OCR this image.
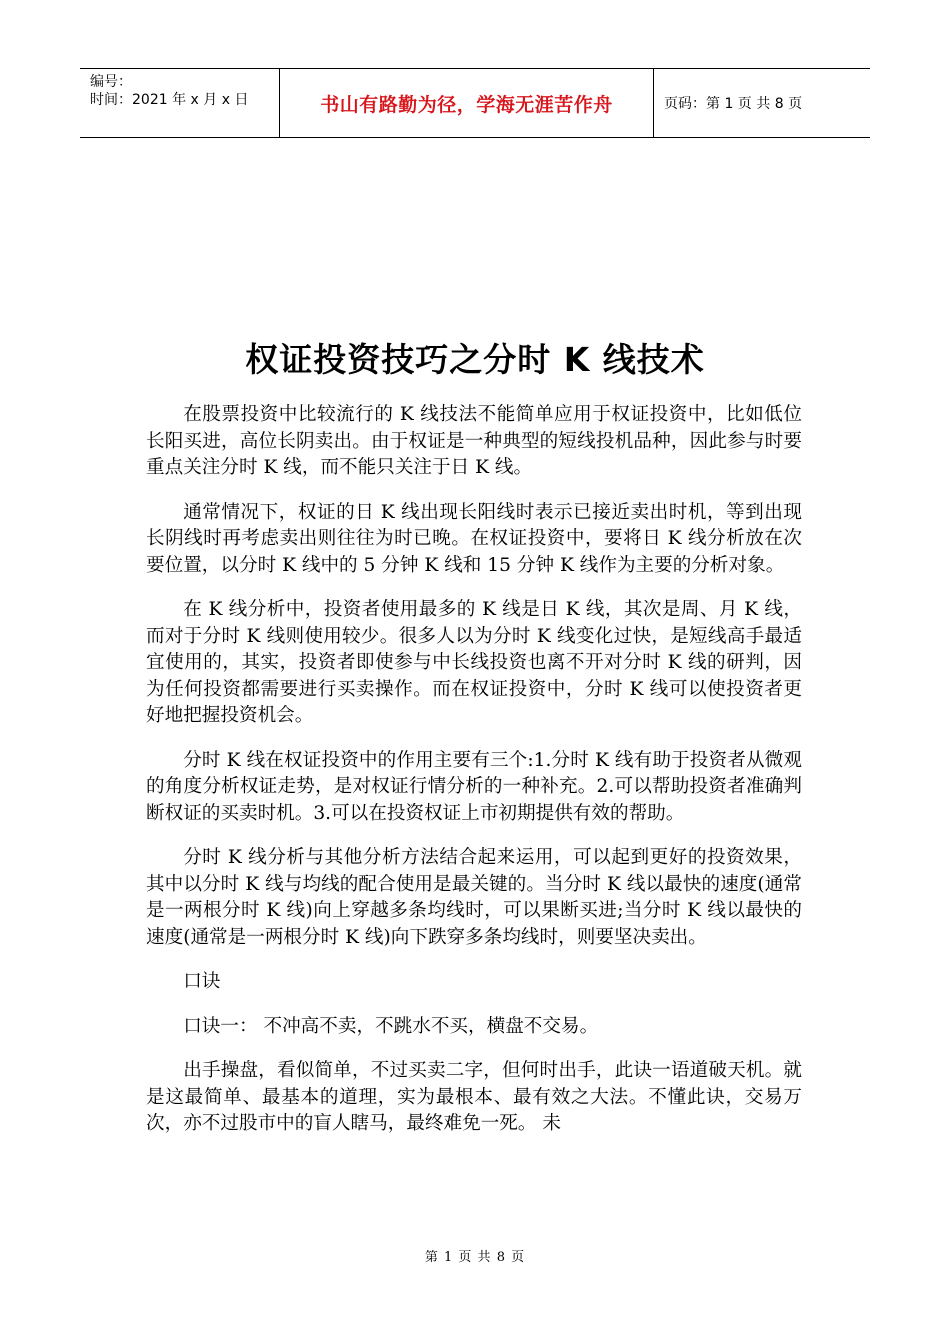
编号：
时间：2021 年 x 月 x 日	书山有路勤为径，学海无涯苦作舟	页码：第 1 页 共 8 页
权证投资技巧之分时 K 线技术

在股票投资中比较流行的 K 线技法不能简单应用于权证投资中，比如低位长阳买进，高位长阴卖出。由于权证是一种典型的短线投机品种，因此参与时要重点关注分时 K 线，而不能只关注于日 K 线。

通常情况下，权证的日 K 线出现长阳线时表示已接近卖出时机，等到出现长阴线时再考虑卖出则往往为时已晚。在权证投资中，要将日 K 线分析放在次要位置，以分时 K 线中的 5 分钟 K 线和 15 分钟 K 线作为主要的分析对象。

在 K 线分析中，投资者使用最多的 K 线是日 K 线，其次是周、月 K 线，而对于分时 K 线则使用较少。很多人以为分时 K 线变化过快，是短线高手最适宜使用的，其实，投资者即使参与中长线投资也离不开对分时 K 线的研判，因为任何投资都需要进行买卖操作。而在权证投资中，分时 K 线可以使投资者更好地把握投资机会。

分时 K 线在权证投资中的作用主要有三个:1.分时 K 线有助于投资者从微观的角度分析权证走势，是对权证行情分析的一种补充。2.可以帮助投资者准确判断权证的买卖时机。3.可以在投资权证上市初期提供有效的帮助。

分时 K 线分析与其他分析方法结合起来运用，可以起到更好的投资效果，其中以分时 K 线与均线的配合使用是最关键的。当分时 K 线以最快的速度(通常是一两根分时 K 线)向上穿越多条均线时，可以果断买进;当分时 K 线以最快的速度(通常是一两根分时 K 线)向下跌穿多条均线时，则要坚决卖出。

口诀

口诀一： 不冲高不卖，不跳水不买，横盘不交易。

出手操盘，看似简单，不过买卖二字，但何时出手，此诀一语道破天机。就是这最简单、最基本的道理，实为最根本、最有效之大法。不懂此诀，交易万次，亦不过股市中的盲人瞎马，最终难免一死。 未

第 1 页 共 8 页
